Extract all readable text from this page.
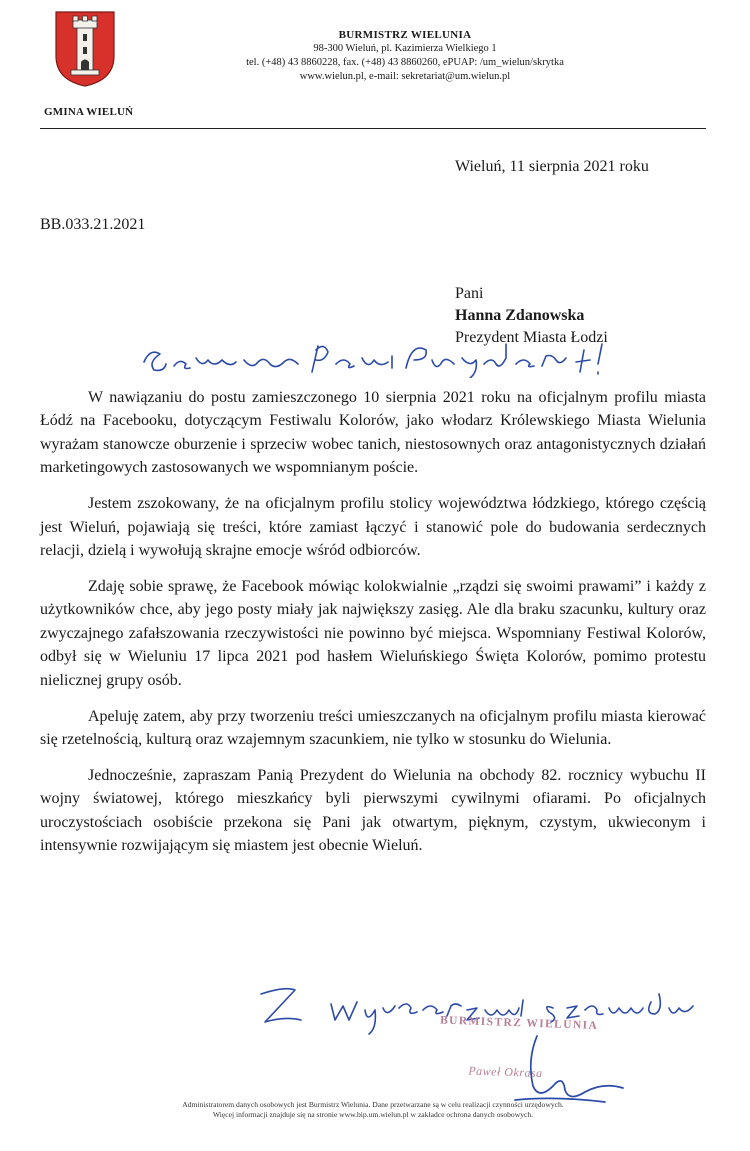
GMINA WIELUŃ
BURMISTRZ WIELUNIA
98-300 Wieluń, pl. Kazimierza Wielkiego 1
tel. (+48) 43 8860228, fax. (+48) 43 8860260, ePUAP: /um_wielun/skrytka
www.wielun.pl, e-mail: sekretariat@um.wielun.pl
Wieluń, 11 sierpnia 2021 roku
BB.033.21.2021
Pani
Hanna Zdanowska
Prezydent Miasta Łodzi

W nawiązaniu do postu zamieszczonego 10 sierpnia 2021 roku na oficjalnym profilu miasta Łódź na Facebooku, dotyczącym Festiwalu Kolorów, jako włodarz Królewskiego Miasta Wielunia wyrażam stanowcze oburzenie i sprzeciw wobec tanich, niestosownych oraz antagonistycznych działań marketingowych zastosowanych we wspomnianym poście.

Jestem zszokowany, że na oficjalnym profilu stolicy województwa łódzkiego, którego częścią jest Wieluń, pojawiają się treści, które zamiast łączyć i stanowić pole do budowania serdecznych relacji, dzielą i wywołują skrajne emocje wśród odbiorców.

Zdaję sobie sprawę, że Facebook mówiąc kolokwialnie „rządzi się swoimi prawami” i każdy z użytkowników chce, aby jego posty miały jak największy zasięg. Ale dla braku szacunku, kultury oraz zwyczajnego zafałszowania rzeczywistości nie powinno być miejsca. Wspomniany Festiwal Kolorów, odbył się w Wieluniu 17 lipca 2021 pod hasłem Wieluńskiego Święta Kolorów, pomimo protestu nielicznej grupy osób.

Apeluję zatem, aby przy tworzeniu treści umieszczanych na oficjalnym profilu miasta kierować się rzetelnością, kulturą oraz wzajemnym szacunkiem, nie tylko w stosunku do Wielunia.

Jednocześnie, zapraszam Panią Prezydent do Wielunia na obchody 82. rocznicy wybuchu II wojny światowej, którego mieszkańcy byli pierwszymi cywilnymi ofiarami. Po oficjalnych uroczystościach osobiście przekona się Pani jak otwartym, pięknym, czystym, ukwieconym i intensywnie rozwijającym się miastem jest obecnie Wieluń.

BURMISTRZ WIELUNIA
Paweł Okrasa
Administratorem danych osobowych jest Burmistrz Wielunia. Dane przetwarzane są w celu realizacji czynności urzędowych.
Więcej informacji znajduje się na stronie www.bip.um.wielun.pl w zakładce ochrona danych osobowych.
